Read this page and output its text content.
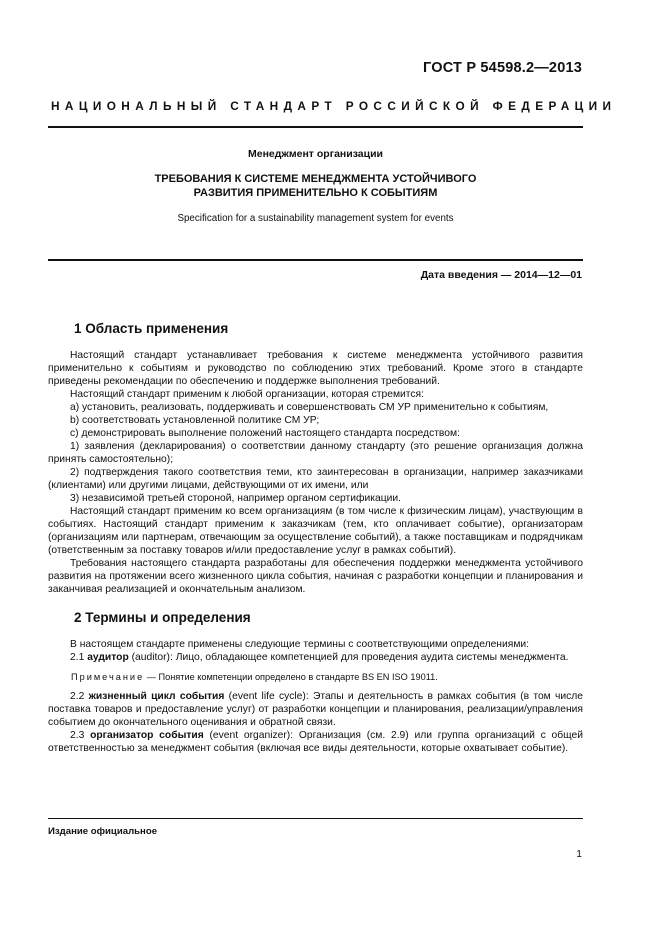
ГОСТ Р 54598.2—2013
НАЦИОНАЛЬНЫЙ СТАНДАРТ РОССИЙСКОЙ ФЕДЕРАЦИИ
Менеджмент организации
ТРЕБОВАНИЯ К СИСТЕМЕ МЕНЕДЖМЕНТА УСТОЙЧИВОГО
РАЗВИТИЯ ПРИМЕНИТЕЛЬНО К СОБЫТИЯМ
Specification for a sustainability management system for events
Дата введения — 2014—12—01
1 Область применения

Настоящий стандарт устанавливает требования к системе менеджмента устойчивого развития применительно к событиям и руководство по соблюдению этих требований. Кроме этого в стандарте приведены рекомендации по обеспечению и поддержке выполнения требований.

Настоящий стандарт применим к любой организации, которая стремится:

a) установить, реализовать, поддерживать и совершенствовать СМ УР применительно к событиям,

b) соответствовать установленной политике СМ УР;

c) демонстрировать выполнение положений настоящего стандарта посредством:

1) заявления (декларирования) о соответствии данному стандарту (это решение организация должна принять самостоятельно);

2) подтверждения такого соответствия теми, кто заинтересован в организации, например заказчиками (клиентами) или другими лицами, действующими от их имени, или

3) независимой третьей стороной, например органом сертификации.

Настоящий стандарт применим ко всем организациям (в том числе к физическим лицам), участвующим в событиях. Настоящий стандарт применим к заказчикам (тем, кто оплачивает событие), организаторам (организациям или партнерам, отвечающим за осуществление событий), а также поставщикам и подрядчикам (ответственным за поставку товаров и/или предоставление услуг в рамках событий).

Требования настоящего стандарта разработаны для обеспечения поддержки менеджмента устойчивого развития на протяжении всего жизненного цикла события, начиная с разработки концепции и планирования и заканчивая реализацией и окончательным анализом.

2 Термины и определения

В настоящем стандарте применены следующие термины с соответствующими определениями:

2.1 аудитор (auditor): Лицо, обладающее компетенцией для проведения аудита системы менеджмента.

Примечание — Понятие компетенции определено в стандарте BS EN ISO 19011.

2.2 жизненный цикл события (event life cycle): Этапы и деятельность в рамках события (в том числе поставка товаров и предоставление услуг) от разработки концепции и планирования, реализации/управления событием до окончательного оценивания и обратной связи.

2.3 организатор события (event organizer): Организация (см. 2.9) или группа организаций с общей ответственностью за менеджмент события (включая все виды деятельности, которые охватывает событие).

Издание официальное
1
